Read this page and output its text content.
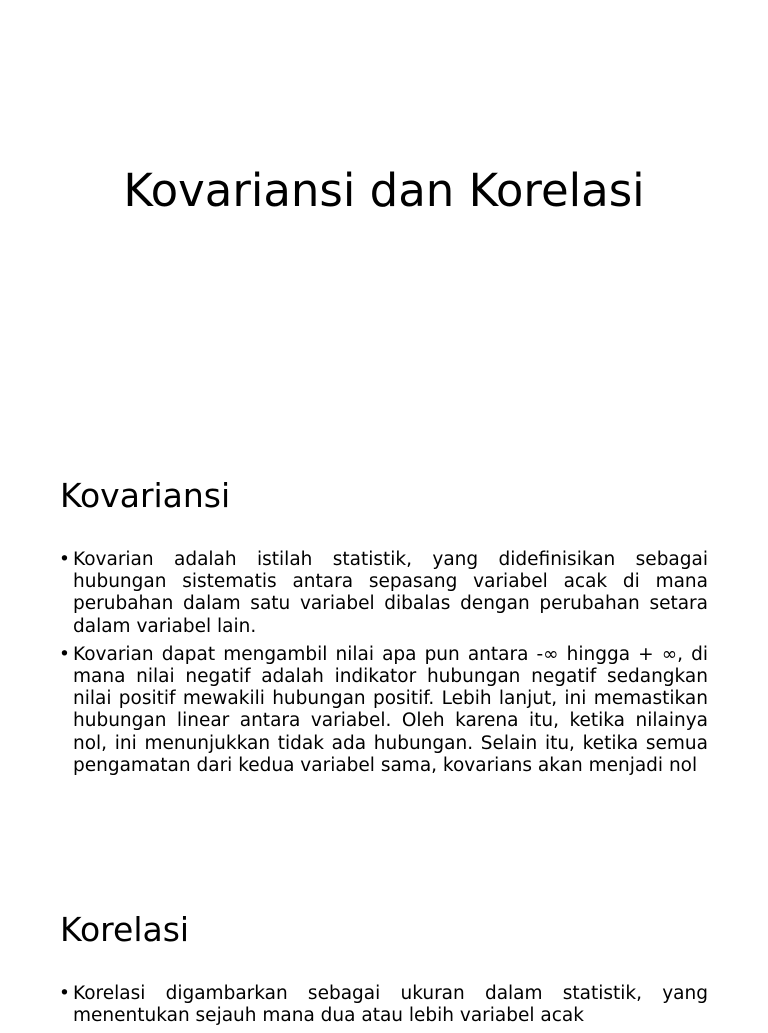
Kovariansi dan Korelasi
Kovariansi
• Kovarian adalah istilah statistik, yang didefinisikan sebagai hubungan sistematis antara sepasang variabel acak di mana perubahan dalam satu variabel dibalas dengan perubahan setara dalam variabel lain.
• Kovarian dapat mengambil nilai apa pun antara -∞ hingga + ∞, di mana nilai negatif adalah indikator hubungan negatif sedangkan nilai positif mewakili hubungan positif. Lebih lanjut, ini memastikan hubungan linear antara variabel. Oleh karena itu, ketika nilainya nol, ini menunjukkan tidak ada hubungan. Selain itu, ketika semua pengamatan dari kedua variabel sama, kovarians akan menjadi nol
Korelasi
• Korelasi digambarkan sebagai ukuran dalam statistik, yang menentukan sejauh mana dua atau lebih variabel acak
